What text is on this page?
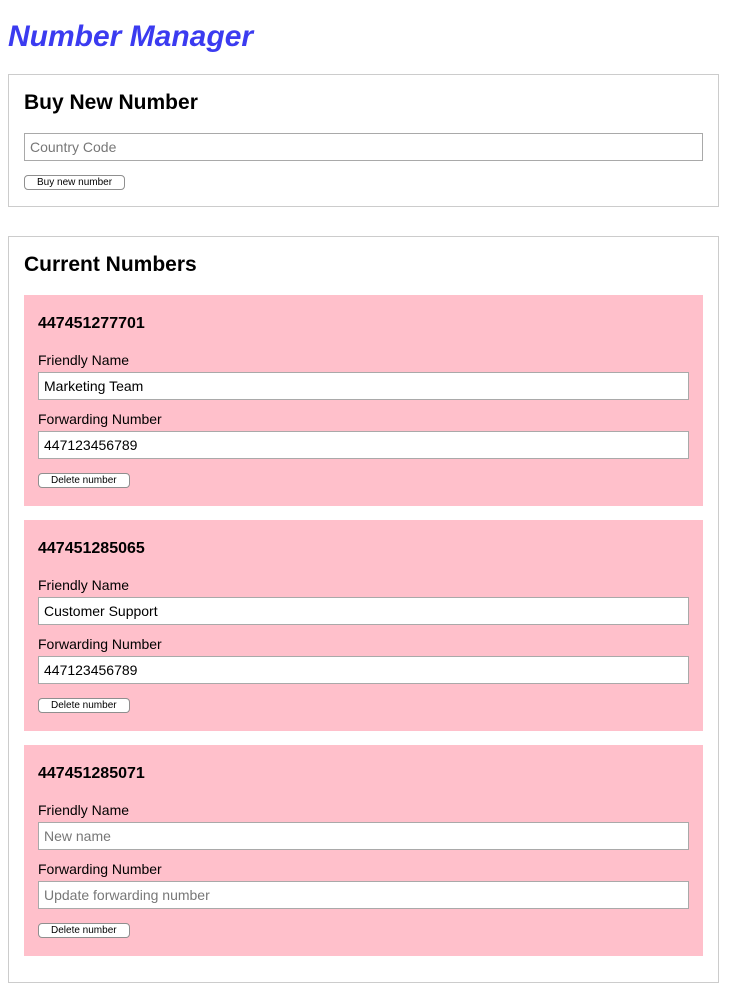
Number Manager
Buy New Number
Country Code
Buy new number
Current Numbers
447451277701
Friendly Name
Marketing Team
Forwarding Number
447123456789
Delete number
447451285065
Friendly Name
Customer Support
Forwarding Number
447123456789
Delete number
447451285071
Friendly Name
New name
Forwarding Number
Update forwarding number
Delete number
